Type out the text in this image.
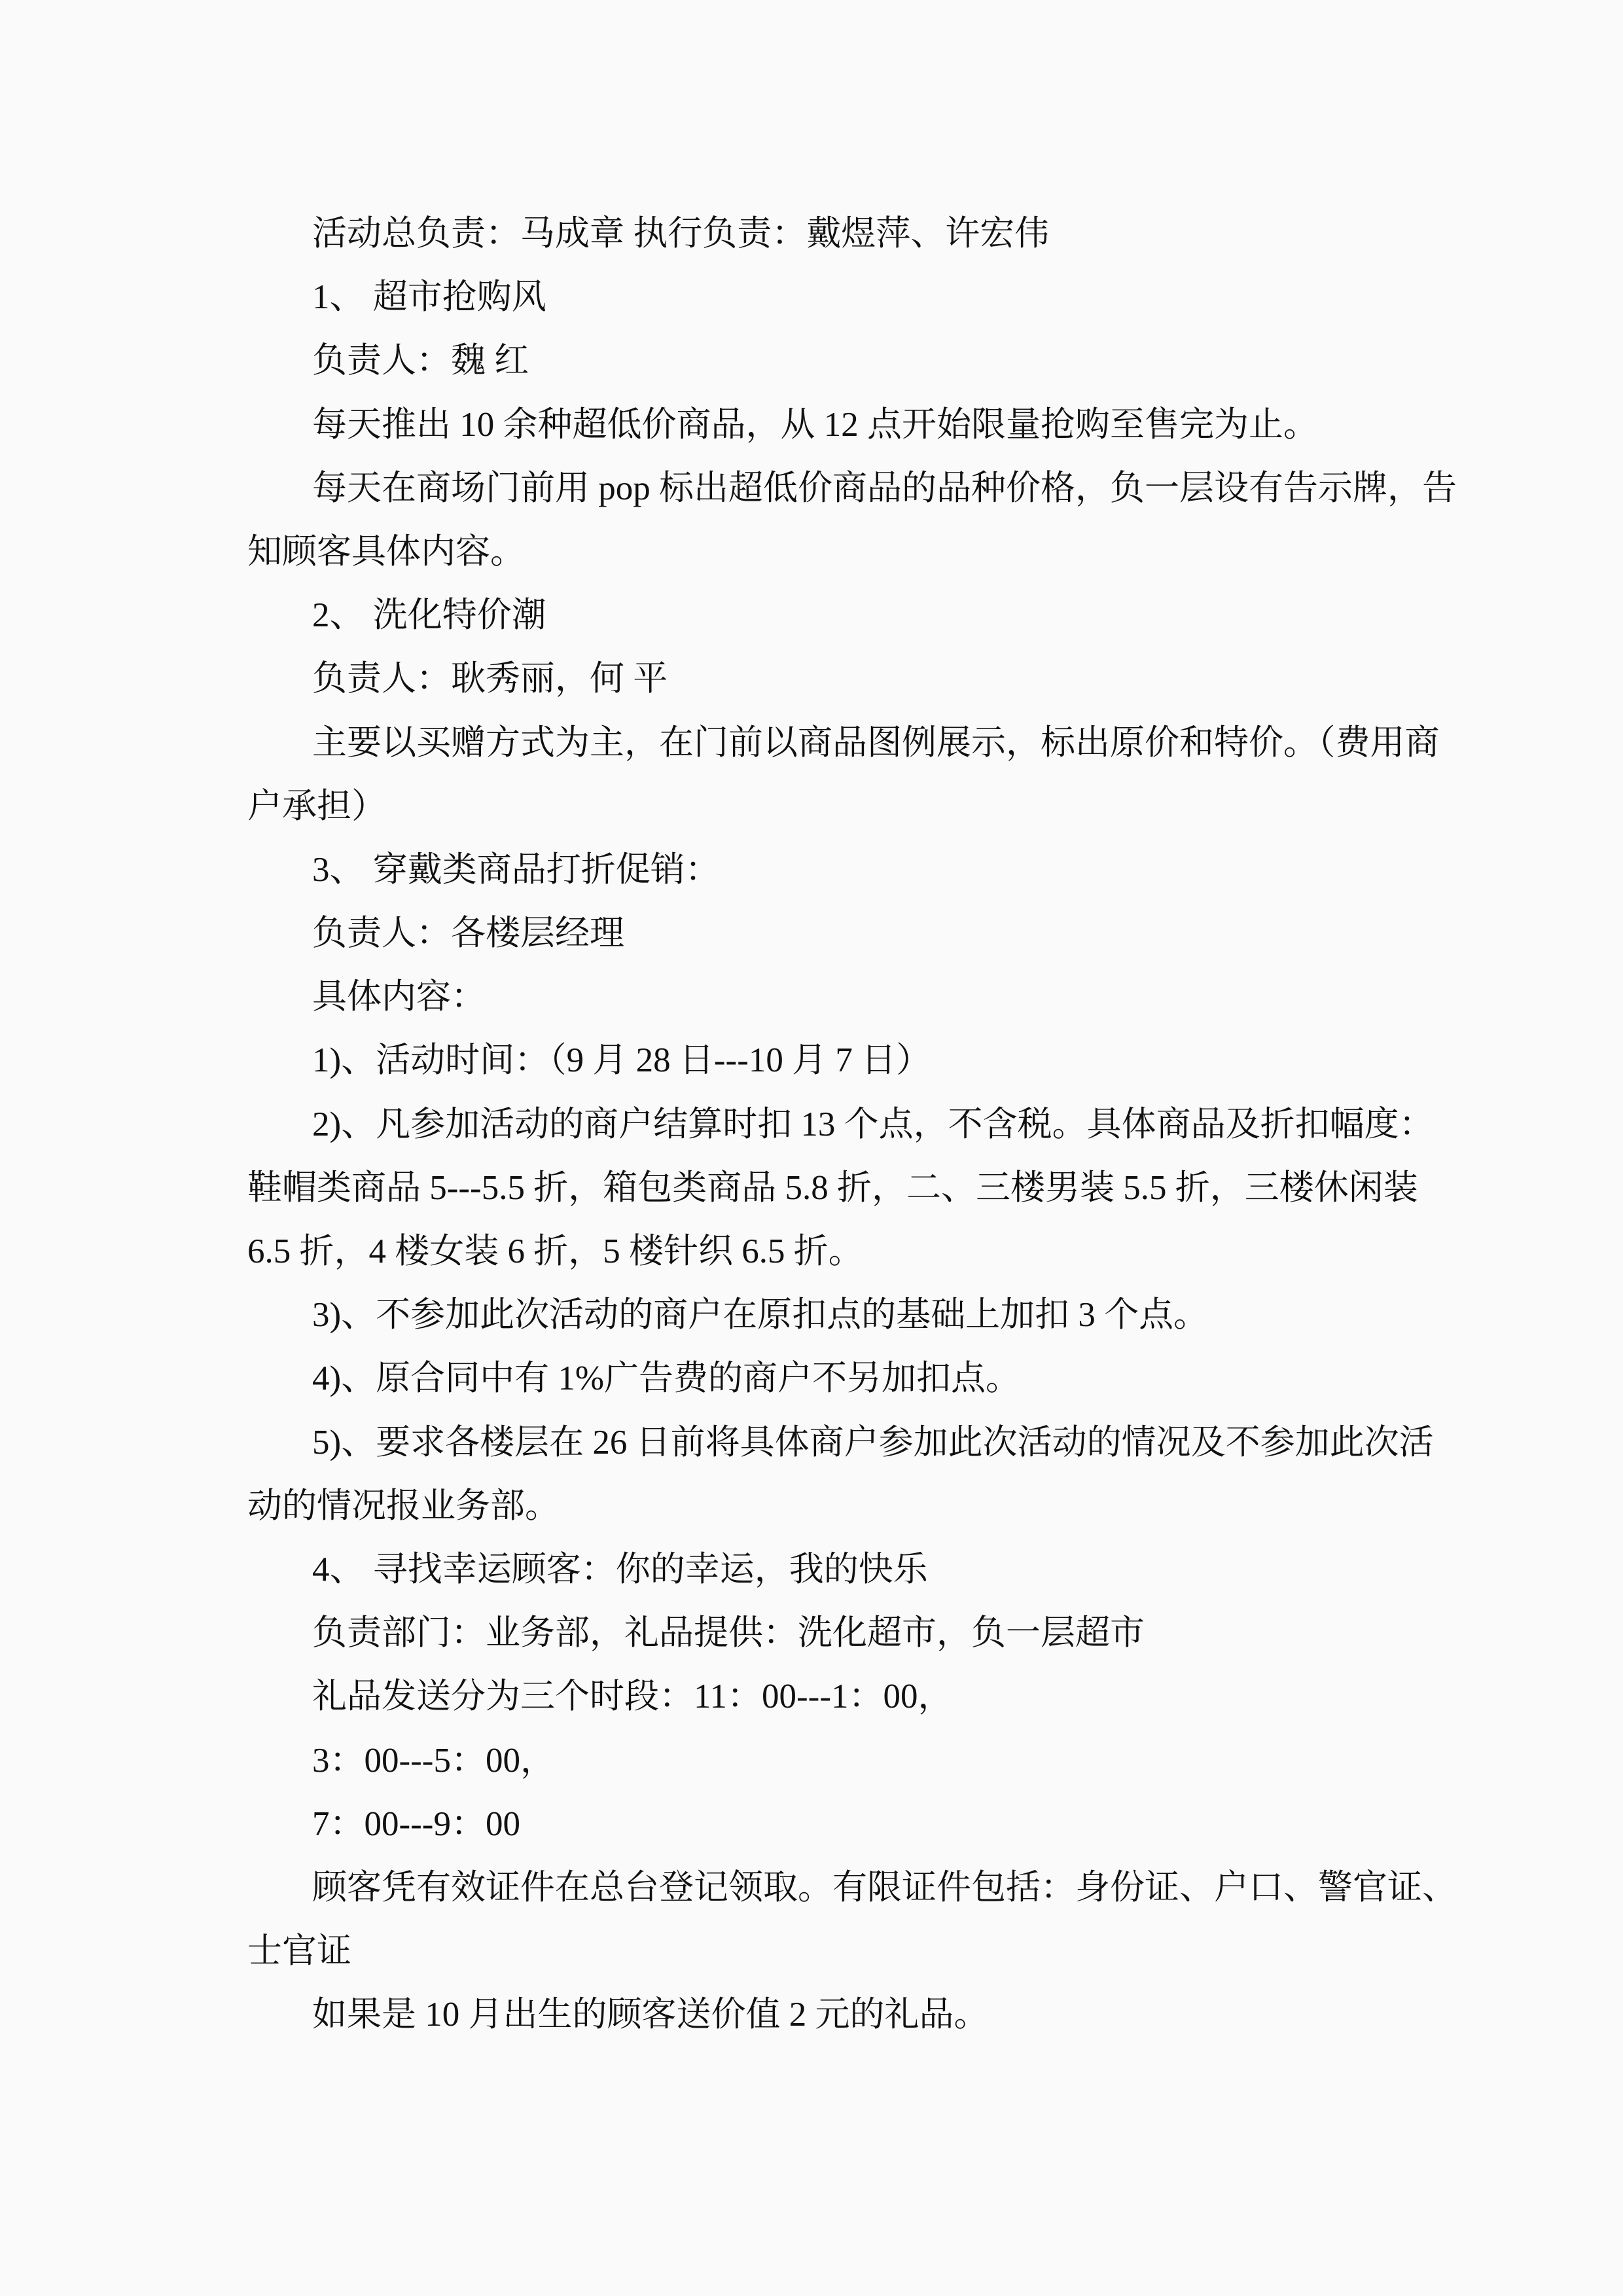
活动总负责：马成章 执行负责：戴煜萍、许宏伟
1、 超市抢购风
负责人：魏 红
每天推出 10 余种超低价商品，从 12 点开始限量抢购至售完为止。
每天在商场门前用 pop 标出超低价商品的品种价格，负一层设有告示牌，告
知顾客具体内容。
2、 洗化特价潮
负责人：耿秀丽，何 平
主要以买赠方式为主，在门前以商品图例展示，标出原价和特价。（费用商
户承担）
3、 穿戴类商品打折促销：
负责人：各楼层经理
具体内容：
1)、活动时间：（9 月 28 日---10 月 7 日）
2)、凡参加活动的商户结算时扣 13 个点，不含税。具体商品及折扣幅度：
鞋帽类商品 5---5.5 折，箱包类商品 5.8 折，二、三楼男装 5.5 折，三楼休闲装
6.5 折，4 楼女装 6 折，5 楼针织 6.5 折。
3)、不参加此次活动的商户在原扣点的基础上加扣 3 个点。
4)、原合同中有 1%广告费的商户不另加扣点。
5)、要求各楼层在 26 日前将具体商户参加此次活动的情况及不参加此次活
动的情况报业务部。
4、 寻找幸运顾客：你的幸运，我的快乐
负责部门：业务部，礼品提供：洗化超市，负一层超市
礼品发送分为三个时段：11：00---1：00，
3：00---5：00，
7：00---9：00
顾客凭有效证件在总台登记领取。有限证件包括：身份证、户口、警官证、
士官证
如果是 10 月出生的顾客送价值 2 元的礼品。
